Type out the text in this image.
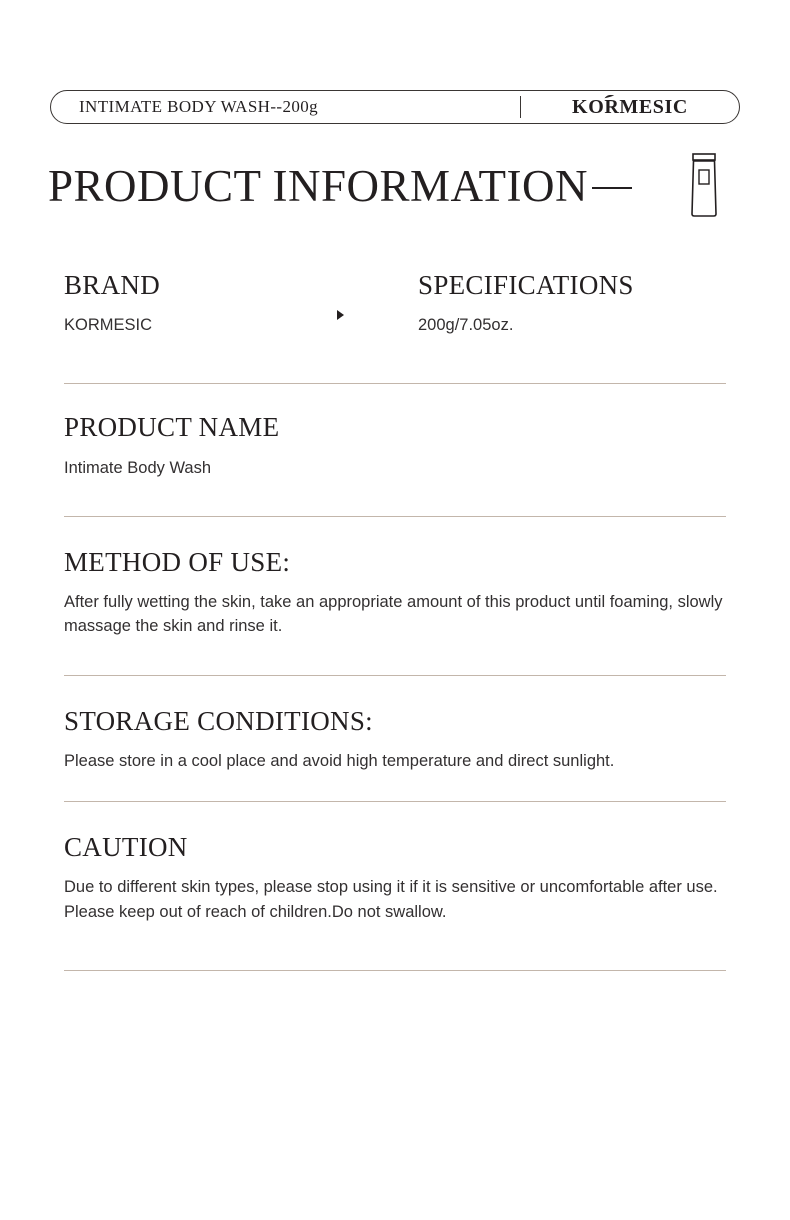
INTIMATE BODY WASH--200g	KORMESIC
PRODUCT INFORMATION
BRAND

KORMESIC

SPECIFICATIONS

200g/7.05oz.

PRODUCT NAME

Intimate Body Wash

METHOD OF USE:

After fully wetting the skin, take an appropriate amount of this product until foaming, slowly massage the skin and rinse it.

STORAGE CONDITIONS:

Please store in a cool place and avoid high temperature and direct sunlight.

CAUTION

Due to different skin types, please stop using it if it is sensitive or uncomfortable after use. Please keep out of reach of children.Do not swallow.
